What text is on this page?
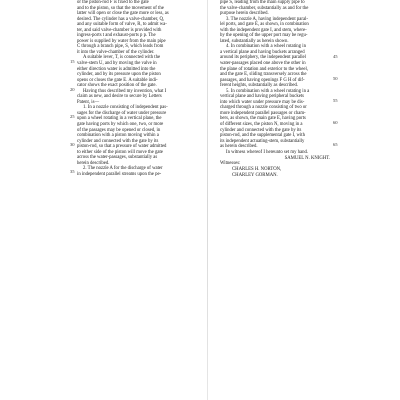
or the piston-rod F is fixed to the gate

and to the piston, so that the movement of the

latter will open or close the gate more or less, as

desired. The cylinder has a valve-chamber, Q,

and any suitable form of valve, R, to admit wa-

ter, and said valve-chamber is provided with

ingress-ports t and exhaust-ports p p. The

power is supplied by water from the main pipe

C through a branch pipe, S, which leads from

it into the valve-chamber of the cylinder.

A suitable lever, T, is connected with the

valve-stem U, and by moving the valve in

either direction water is admitted into the

cylinder, and by its pressure upon the piston

opens or closes the gate E. A suitable indi-

cator shows the exact position of the gate.

Having thus described my invention, what I

claim as new, and desire to secure by Letters

Patent, is—

1. In a nozzle consisting of independent pas-

sages for the discharge of water under pressure

upon a wheel rotating in a vertical plane, the

gate having ports by which one, two, or more

of the passages may be opened or closed, in

combination with a piston moving within a

cylinder and connected with the gate by its

piston-rod, so that a pressure of water admitted

to either side of the piston will move the gate

across the water-passages, substantially as

herein described.

2. The nozzle A for the discharge of water

in independent parallel streams upon the pe-

15
20
25
30
35

pipe S, leading from the main supply pipe to

the valve-chamber, substantially as and for the

purpose herein described.

3. The nozzle A, having independent paral-

lel ports, and gate E, as shown, in combination

with the independent gate I, and stem, where-

by the opening of the upper port may be regu-

lated, substantially as herein shown.

4. In combination with a wheel rotating in

a vertical plane and having buckets arranged

around its periphery, the independent parallel

water-passages placed one above the other in

the plane of rotation and exterior to the wheel,

and the gate E, sliding transversely across the

passages, and having openings F G H of dif-

ferent heights, substantially as described.

5. In combination with a wheel rotating in a

vertical plane and having peripheral buckets

into which water under pressure may be dis-

charged through a nozzle consisting of two or

more independent parallel passages or cham-

bers, as shown, the main gate E, having ports

of different sizes, the piston N, moving in a

cylinder and connected with the gate by its

piston-rod, and the supplemental gate I, with

its independent actuating-stem, substantially

as herein described.

In witness whereof I hereunto set my hand.

SAMUEL N. KNIGHT.

Witnesses:

CHARLES H. NORTON,

CHARLEY GORMAN.

45
50
55
60
65
